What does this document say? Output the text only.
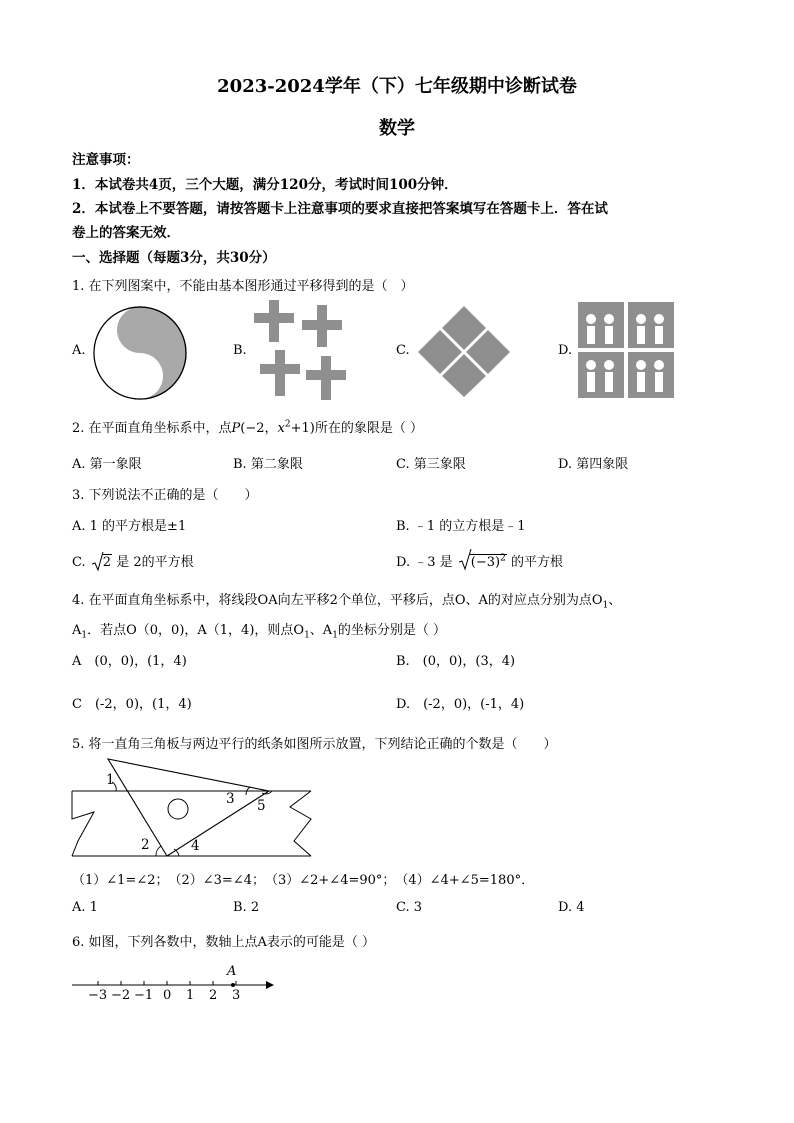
2023-2024学年（下）七年级期中诊断试卷
数学
注意事项：
1．本试卷共4页，三个大题，满分120分，考试时间100分钟．
2．本试卷上不要答题，请按答题卡上注意事项的要求直接把答案填写在答题卡上．答在试
卷上的答案无效．
一、选择题（每题3分，共30分）
1. 在下列图案中，不能由基本图形通过平移得到的是（　）
A.	B.	C.	D.
2. 在平面直角坐标系中，点P(−2，$x^2+1$)所在的象限是（ ）
A. 第一象限	B. 第二象限	C. 第三象限	D. 第四象限
3. 下列说法不正确的是（　　）
A. 1 的平方根是±1	B. ﹣1 的立方根是﹣1
C. 2 是 2的平方根	D. ﹣3 是 $(-3)^2$ 的平方根
4. 在平面直角坐标系中，将线段OA向左平移2个单位，平移后，点O、A的对应点分别为点$O_1$、
$A_1$．若点O（0，0)，A（1，4)，则点$O_1$、$A_1$的坐标分别是（ ）
A　(0，0)，(1，4)	B.　(0，0)，(3，4)
C　(-2，0)，(1，4)	D.　(-2，0)，(-1，4)
5. 将一直角三角板与两边平行的纸条如图所示放置，下列结论正确的个数是（　　）
1
2
3
4
5
（1）∠1=∠2；　（2）∠3=∠4；　（3）∠2+∠4=90°；　（4）∠4+∠5=180°．
A. 1	B. 2	C. 3	D. 4
6. 如图，下列各数中，数轴上点A表示的可能是（ ）
A
−3 −2 −1 0 1 2 3
